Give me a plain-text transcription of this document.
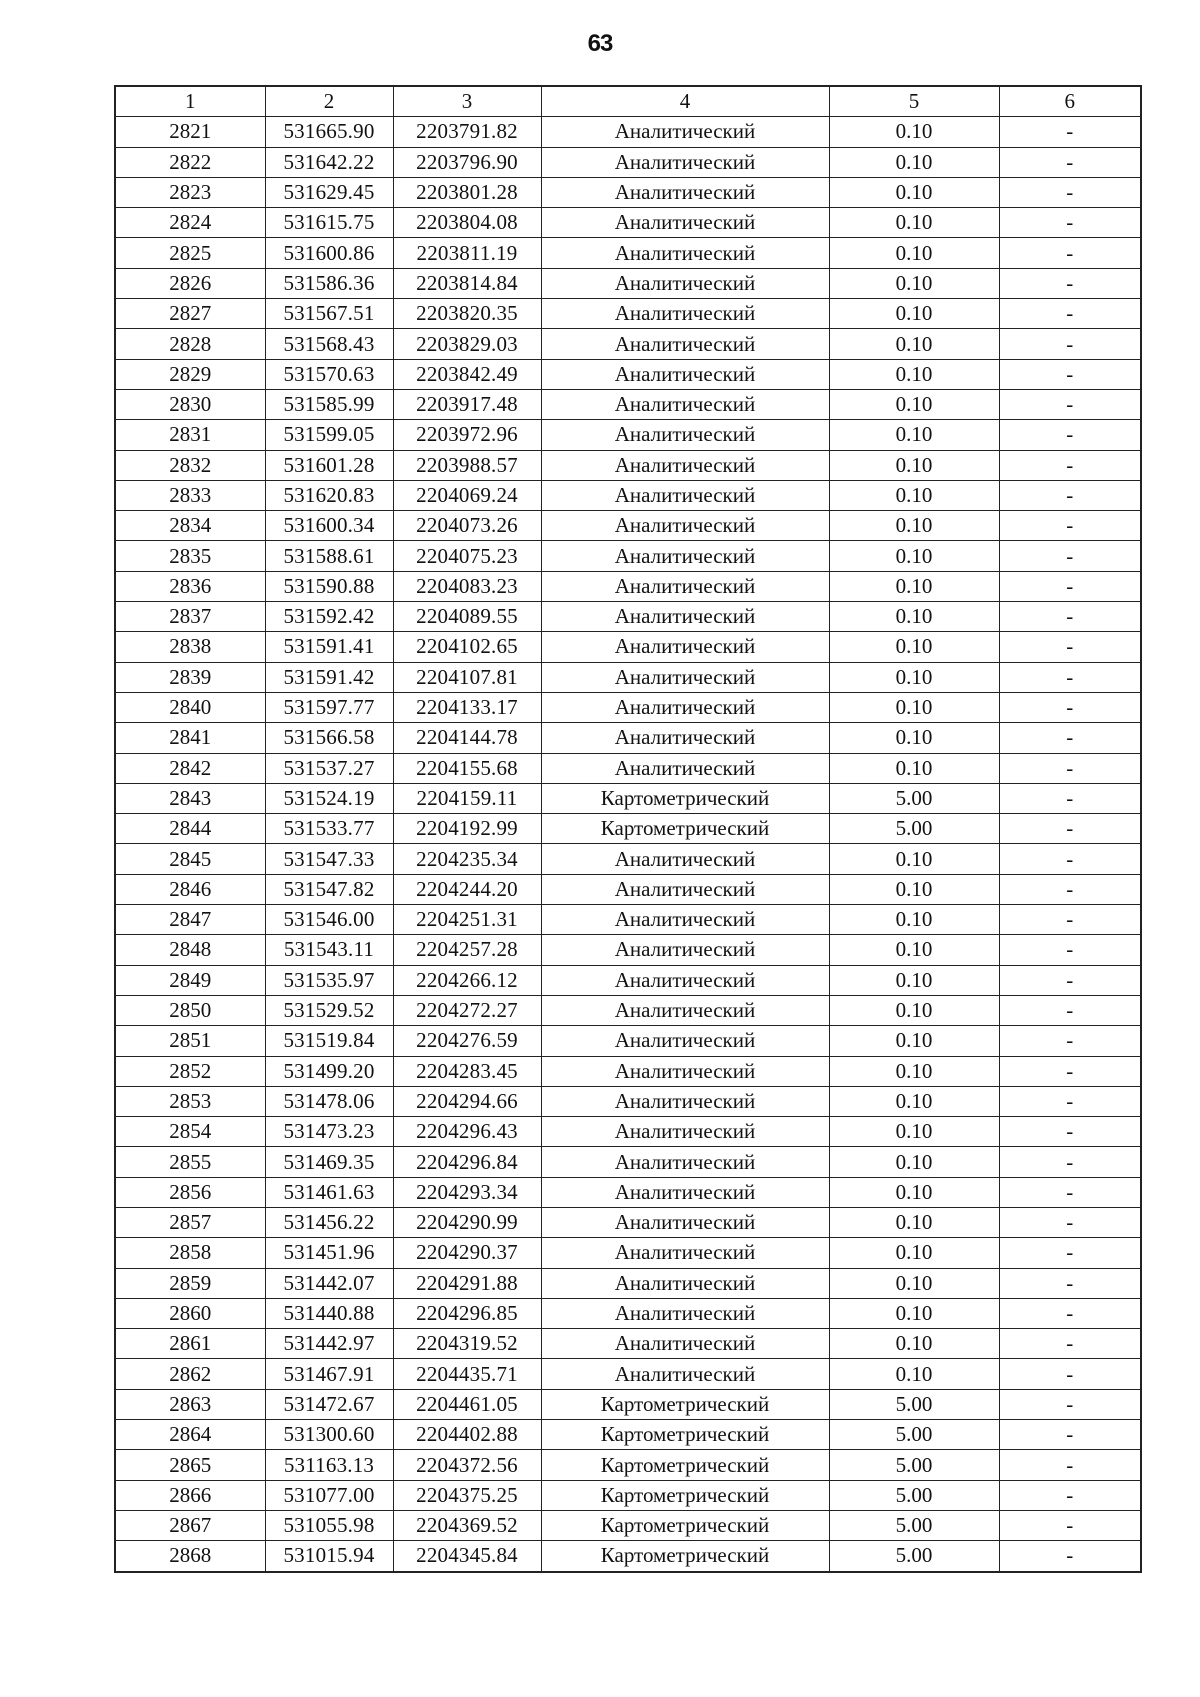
63
1	2	3	4	5	6
2821	531665.90	2203791.82	Аналитический	0.10	-
2822	531642.22	2203796.90	Аналитический	0.10	-
2823	531629.45	2203801.28	Аналитический	0.10	-
2824	531615.75	2203804.08	Аналитический	0.10	-
2825	531600.86	2203811.19	Аналитический	0.10	-
2826	531586.36	2203814.84	Аналитический	0.10	-
2827	531567.51	2203820.35	Аналитический	0.10	-
2828	531568.43	2203829.03	Аналитический	0.10	-
2829	531570.63	2203842.49	Аналитический	0.10	-
2830	531585.99	2203917.48	Аналитический	0.10	-
2831	531599.05	2203972.96	Аналитический	0.10	-
2832	531601.28	2203988.57	Аналитический	0.10	-
2833	531620.83	2204069.24	Аналитический	0.10	-
2834	531600.34	2204073.26	Аналитический	0.10	-
2835	531588.61	2204075.23	Аналитический	0.10	-
2836	531590.88	2204083.23	Аналитический	0.10	-
2837	531592.42	2204089.55	Аналитический	0.10	-
2838	531591.41	2204102.65	Аналитический	0.10	-
2839	531591.42	2204107.81	Аналитический	0.10	-
2840	531597.77	2204133.17	Аналитический	0.10	-
2841	531566.58	2204144.78	Аналитический	0.10	-
2842	531537.27	2204155.68	Аналитический	0.10	-
2843	531524.19	2204159.11	Картометрический	5.00	-
2844	531533.77	2204192.99	Картометрический	5.00	-
2845	531547.33	2204235.34	Аналитический	0.10	-
2846	531547.82	2204244.20	Аналитический	0.10	-
2847	531546.00	2204251.31	Аналитический	0.10	-
2848	531543.11	2204257.28	Аналитический	0.10	-
2849	531535.97	2204266.12	Аналитический	0.10	-
2850	531529.52	2204272.27	Аналитический	0.10	-
2851	531519.84	2204276.59	Аналитический	0.10	-
2852	531499.20	2204283.45	Аналитический	0.10	-
2853	531478.06	2204294.66	Аналитический	0.10	-
2854	531473.23	2204296.43	Аналитический	0.10	-
2855	531469.35	2204296.84	Аналитический	0.10	-
2856	531461.63	2204293.34	Аналитический	0.10	-
2857	531456.22	2204290.99	Аналитический	0.10	-
2858	531451.96	2204290.37	Аналитический	0.10	-
2859	531442.07	2204291.88	Аналитический	0.10	-
2860	531440.88	2204296.85	Аналитический	0.10	-
2861	531442.97	2204319.52	Аналитический	0.10	-
2862	531467.91	2204435.71	Аналитический	0.10	-
2863	531472.67	2204461.05	Картометрический	5.00	-
2864	531300.60	2204402.88	Картометрический	5.00	-
2865	531163.13	2204372.56	Картометрический	5.00	-
2866	531077.00	2204375.25	Картометрический	5.00	-
2867	531055.98	2204369.52	Картометрический	5.00	-
2868	531015.94	2204345.84	Картометрический	5.00	-
